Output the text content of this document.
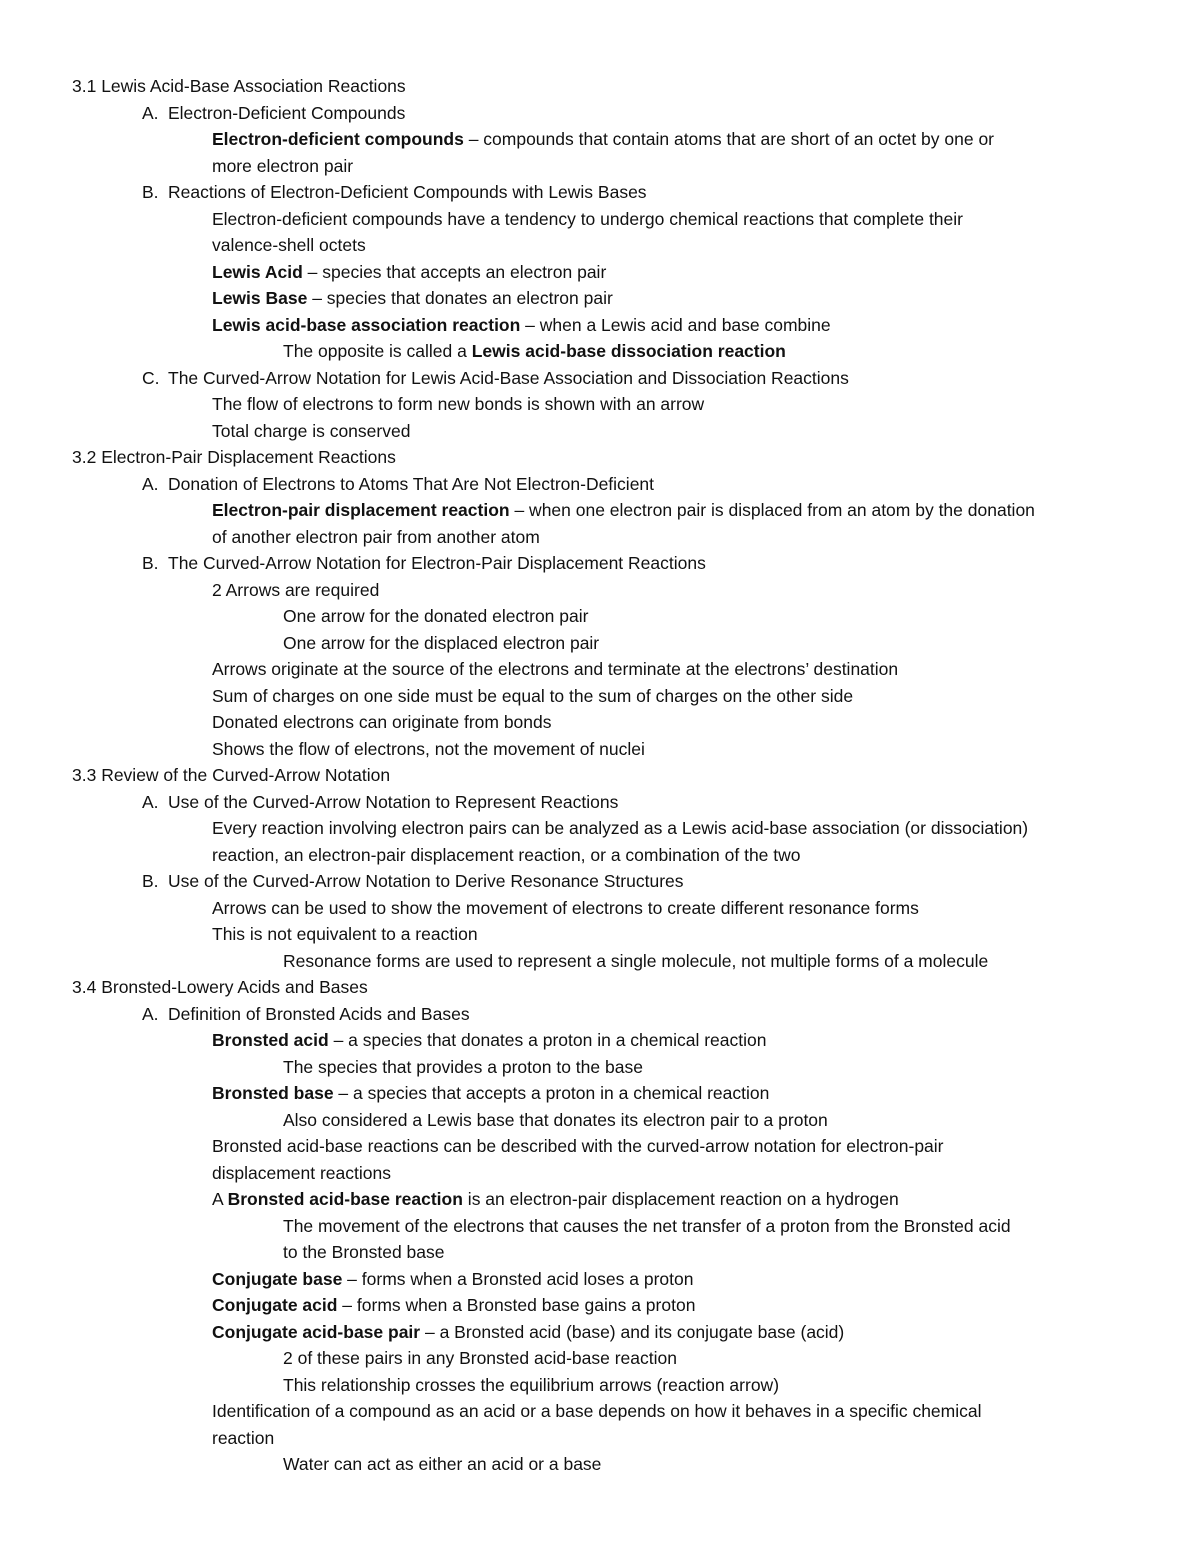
3.1 Lewis Acid-Base Association Reactions
A. Electron-Deficient Compounds
Electron-deficient compounds – compounds that contain atoms that are short of an octet by one or
more electron pair
B. Reactions of Electron-Deficient Compounds with Lewis Bases
Electron-deficient compounds have a tendency to undergo chemical reactions that complete their
valence-shell octets
Lewis Acid – species that accepts an electron pair
Lewis Base – species that donates an electron pair
Lewis acid-base association reaction – when a Lewis acid and base combine
The opposite is called a Lewis acid-base dissociation reaction
C. The Curved-Arrow Notation for Lewis Acid-Base Association and Dissociation Reactions
The flow of electrons to form new bonds is shown with an arrow
Total charge is conserved
3.2 Electron-Pair Displacement Reactions
A. Donation of Electrons to Atoms That Are Not Electron-Deficient
Electron-pair displacement reaction – when one electron pair is displaced from an atom by the donation
of another electron pair from another atom
B. The Curved-Arrow Notation for Electron-Pair Displacement Reactions
2 Arrows are required
One arrow for the donated electron pair
One arrow for the displaced electron pair
Arrows originate at the source of the electrons and terminate at the electrons’ destination
Sum of charges on one side must be equal to the sum of charges on the other side
Donated electrons can originate from bonds
Shows the flow of electrons, not the movement of nuclei
3.3 Review of the Curved-Arrow Notation
A. Use of the Curved-Arrow Notation to Represent Reactions
Every reaction involving electron pairs can be analyzed as a Lewis acid-base association (or dissociation)
reaction, an electron-pair displacement reaction, or a combination of the two
B. Use of the Curved-Arrow Notation to Derive Resonance Structures
Arrows can be used to show the movement of electrons to create different resonance forms
This is not equivalent to a reaction
Resonance forms are used to represent a single molecule, not multiple forms of a molecule
3.4 Bronsted-Lowery Acids and Bases
A. Definition of Bronsted Acids and Bases
Bronsted acid – a species that donates a proton in a chemical reaction
The species that provides a proton to the base
Bronsted base – a species that accepts a proton in a chemical reaction
Also considered a Lewis base that donates its electron pair to a proton
Bronsted acid-base reactions can be described with the curved-arrow notation for electron-pair
displacement reactions
A Bronsted acid-base reaction is an electron-pair displacement reaction on a hydrogen
The movement of the electrons that causes the net transfer of a proton from the Bronsted acid
to the Bronsted base
Conjugate base – forms when a Bronsted acid loses a proton
Conjugate acid – forms when a Bronsted base gains a proton
Conjugate acid-base pair – a Bronsted acid (base) and its conjugate base (acid)
2 of these pairs in any Bronsted acid-base reaction
This relationship crosses the equilibrium arrows (reaction arrow)
Identification of a compound as an acid or a base depends on how it behaves in a specific chemical
reaction
Water can act as either an acid or a base
